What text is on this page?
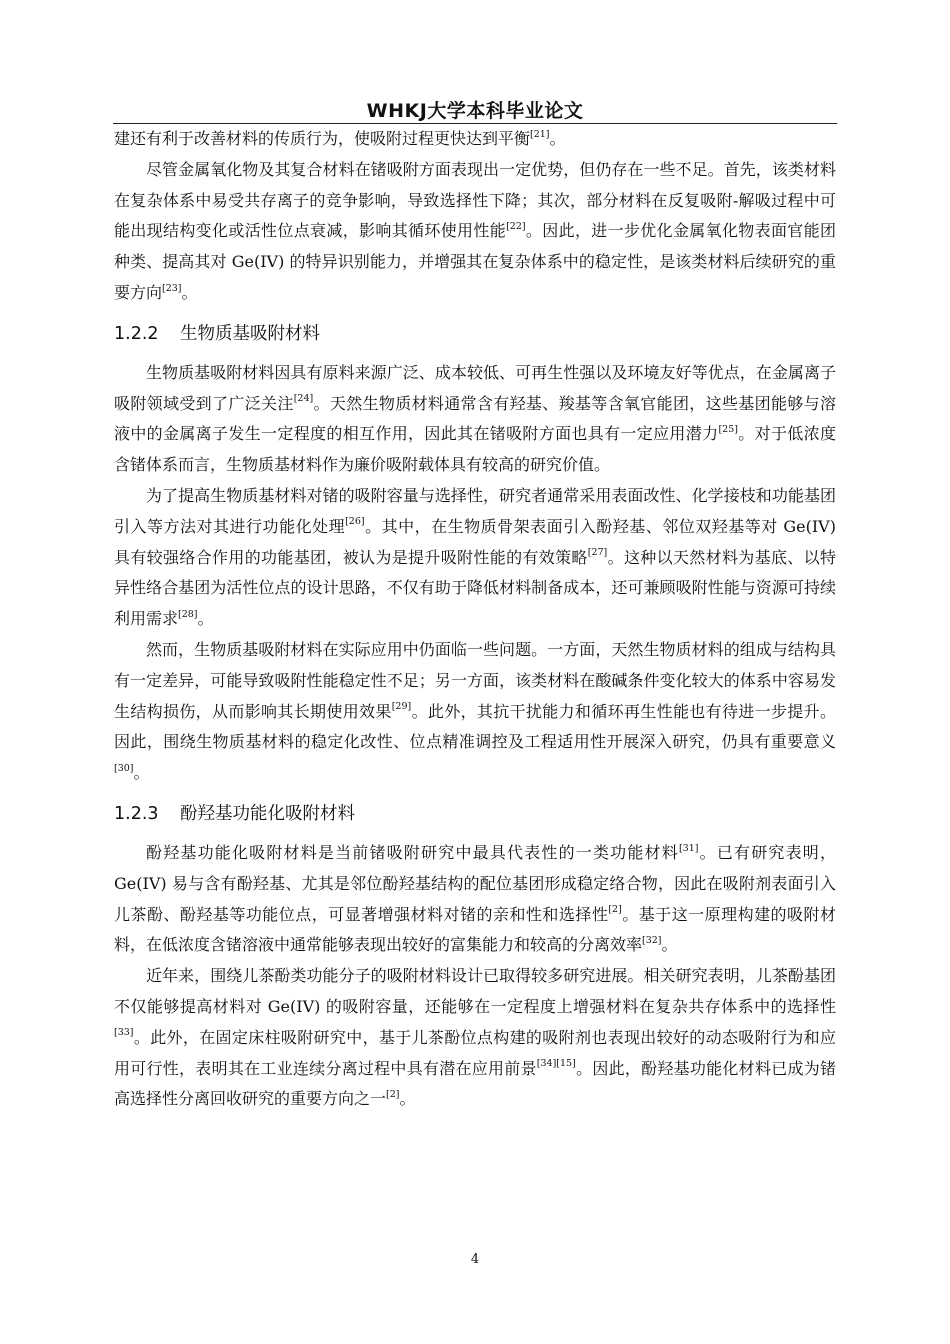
WHKJ大学本科毕业论文

建还有利于改善材料的传质行为，使吸附过程更快达到平衡[21]。

尽管金属氧化物及其复合材料在锗吸附方面表现出一定优势，但仍存在一些不足。首先，该类材料在复杂体系中易受共存离子的竞争影响，导致选择性下降；其次，部分材料在反复吸附-解吸过程中可能出现结构变化或活性位点衰减，影响其循环使用性能[22]。因此，进一步优化金属氧化物表面官能团种类、提高其对 Ge(IV) 的特异识别能力，并增强其在复杂体系中的稳定性，是该类材料后续研究的重要方向[23]。

1.2.2 生物质基吸附材料

生物质基吸附材料因具有原料来源广泛、成本较低、可再生性强以及环境友好等优点，在金属离子吸附领域受到了广泛关注[24]。天然生物质材料通常含有羟基、羧基等含氧官能团，这些基团能够与溶液中的金属离子发生一定程度的相互作用，因此其在锗吸附方面也具有一定应用潜力[25]。对于低浓度含锗体系而言，生物质基材料作为廉价吸附载体具有较高的研究价值。

为了提高生物质基材料对锗的吸附容量与选择性，研究者通常采用表面改性、化学接枝和功能基团引入等方法对其进行功能化处理[26]。其中，在生物质骨架表面引入酚羟基、邻位双羟基等对 Ge(IV) 具有较强络合作用的功能基团，被认为是提升吸附性能的有效策略[27]。这种以天然材料为基底、以特异性络合基团为活性位点的设计思路，不仅有助于降低材料制备成本，还可兼顾吸附性能与资源可持续利用需求[28]。

然而，生物质基吸附材料在实际应用中仍面临一些问题。一方面，天然生物质材料的组成与结构具有一定差异，可能导致吸附性能稳定性不足；另一方面，该类材料在酸碱条件变化较大的体系中容易发生结构损伤，从而影响其长期使用效果[29]。此外，其抗干扰能力和循环再生性能也有待进一步提升。因此，围绕生物质基材料的稳定化改性、位点精准调控及工程适用性开展深入研究，仍具有重要意义[30]。

1.2.3 酚羟基功能化吸附材料

酚羟基功能化吸附材料是当前锗吸附研究中最具代表性的一类功能材料[31]。已有研究表明，Ge(IV) 易与含有酚羟基、尤其是邻位酚羟基结构的配位基团形成稳定络合物，因此在吸附剂表面引入儿茶酚、酚羟基等功能位点，可显著增强材料对锗的亲和性和选择性[2]。基于这一原理构建的吸附材料，在低浓度含锗溶液中通常能够表现出较好的富集能力和较高的分离效率[32]。

近年来，围绕儿茶酚类功能分子的吸附材料设计已取得较多研究进展。相关研究表明，儿茶酚基团不仅能够提高材料对 Ge(IV) 的吸附容量，还能够在一定程度上增强材料在复杂共存体系中的选择性[33]。此外，在固定床柱吸附研究中，基于儿茶酚位点构建的吸附剂也表现出较好的动态吸附行为和应用可行性，表明其在工业连续分离过程中具有潜在应用前景[34][15]。因此，酚羟基功能化材料已成为锗高选择性分离回收研究的重要方向之一[2]。

4
